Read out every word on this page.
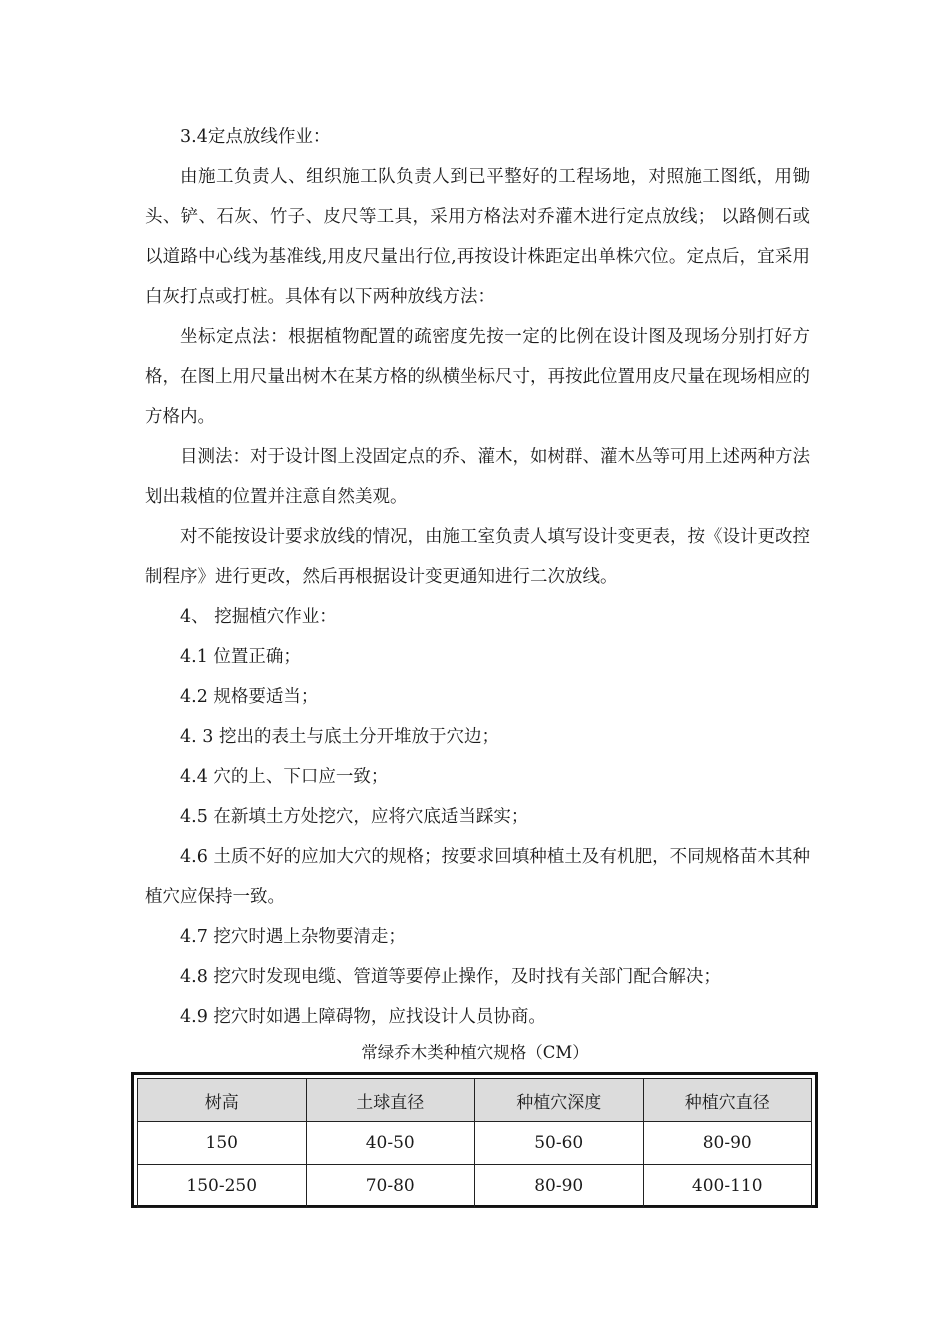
3.4定点放线作业：

由施工负责人、组织施工队负责人到已平整好的工程场地，对照施工图纸，用锄头、铲、石灰、竹子、皮尺等工具，采用方格法对乔灌木进行定点放线； 以路侧石或以道路中心线为基准线,用皮尺量出行位,再按设计株距定出单株穴位。定点后，宜采用白灰打点或打桩。具体有以下两种放线方法：

坐标定点法：根据植物配置的疏密度先按一定的比例在设计图及现场分别打好方格，在图上用尺量出树木在某方格的纵横坐标尺寸，再按此位置用皮尺量在现场相应的方格内。

目测法：对于设计图上没固定点的乔、灌木，如树群、灌木丛等可用上述两种方法划出栽植的位置并注意自然美观。

对不能按设计要求放线的情况，由施工室负责人填写设计变更表，按《设计更改控制程序》进行更改，然后再根据设计变更通知进行二次放线。

4、 挖掘植穴作业：

4.1 位置正确；

4.2 规格要适当；

4. 3 挖出的表土与底土分开堆放于穴边；

4.4 穴的上、下口应一致；

4.5 在新填土方处挖穴，应将穴底适当踩实；

4.6 土质不好的应加大穴的规格；按要求回填种植土及有机肥，不同规格苗木其种植穴应保持一致。

4.7 挖穴时遇上杂物要清走；

4.8 挖穴时发现电缆、管道等要停止操作，及时找有关部门配合解决；

4.9 挖穴时如遇上障碍物，应找设计人员协商。

常绿乔木类种植穴规格（CM）
树高	土球直径	种植穴深度	种植穴直径
150	40-50	50-60	80-90
150-250	70-80	80-90	400-110
